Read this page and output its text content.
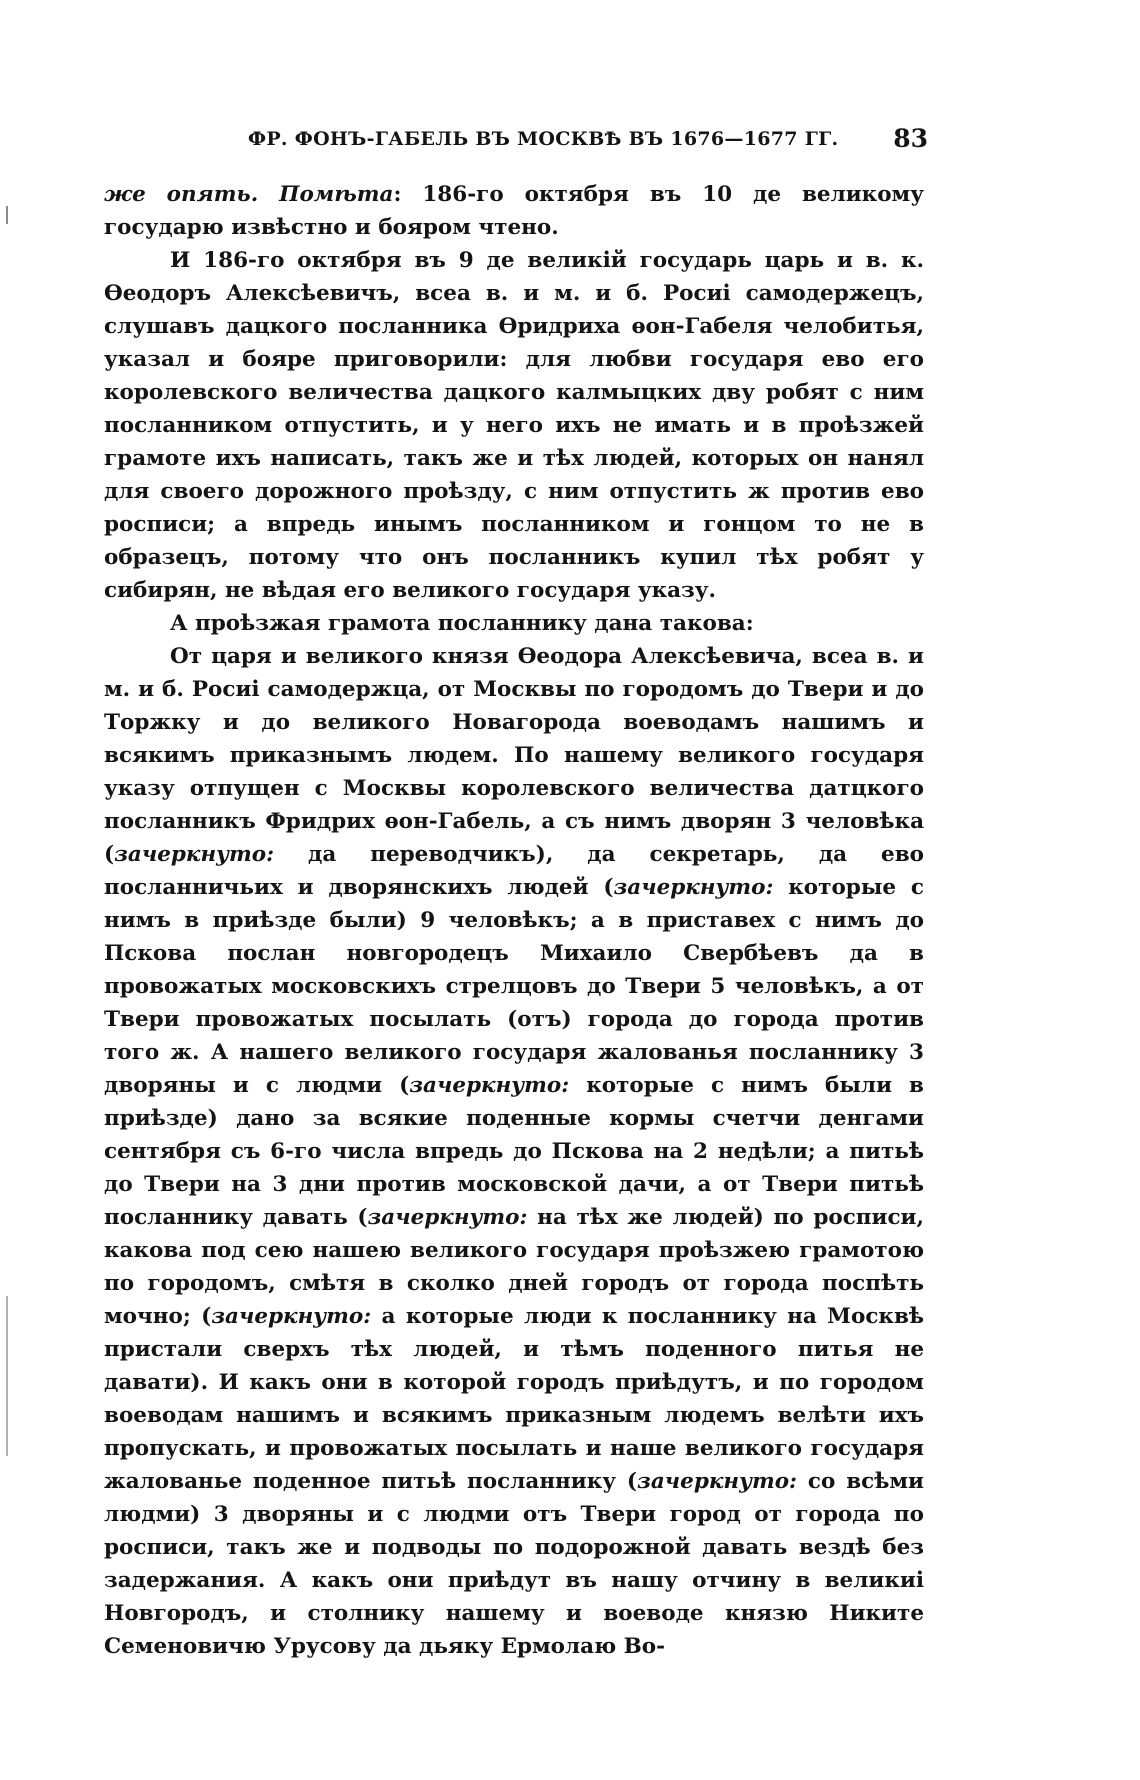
ФР. ФОНЪ-ГАБЕЛЬ ВЪ МОСКВѢ ВЪ 1676—1677 ГГ. 83

же опять. Помѣта: 186-го октября въ 10 де великому государю извѣстно и бояром чтено.

И 186-го октября въ 9 де великій государь царь и в. к. Ѳеодоръ Алексѣевичъ, всеа в. и м. и б. Росиі самодержецъ, слушавъ дацкого посланника Ѳридриха ѳон-Габеля челобитья, указал и бояре приговорили: для любви государя ево его королевского величества дацкого калмыцких дву робят с ним посланником отпустить, и у него ихъ не имать и в проѣзжей грамоте ихъ написать, такъ же и тѣх людей, которых он нанял для своего дорожного проѣзду, с ним отпустить ж против ево росписи; а впредь инымъ посланником и гонцом то не в образецъ, потому что онъ посланникъ купил тѣх робят у сибирян, не вѣдая его великого государя указу.

А проѣзжая грамота посланнику дана такова:

От царя и великого князя Ѳеодора Алексѣевича, всеа в. и м. и б. Росиі самодержца, от Москвы по городомъ до Твери и до Торжку и до великого Новагорода воеводамъ нашимъ и всякимъ приказнымъ людем. По нашему великого государя указу отпущен с Москвы королевского величества датцкого посланникъ Фридрих ѳон-Габель, а съ нимъ дворян 3 человѣка (зачеркнуто: да переводчикъ), да секретарь, да ево посланничьих и дворянскихъ людей (зачеркнуто: которые с нимъ в приѣзде были) 9 человѣкъ; а в приставех с нимъ до Пскова послан новгородецъ Михаило Свербѣевъ да в провожатых московскихъ стрелцовъ до Твери 5 человѣкъ, а от Твери провожатых посылать (отъ) города до города против того ж. А нашего великого государя жалованья посланнику 3 дворяны и с людми (зачеркнуто: которые с нимъ были в приѣзде) дано за всякие поденные кормы счетчи денгами сентября съ 6-го числа впредь до Пскова на 2 недѣли; а питьѣ до Твери на 3 дни против московской дачи, а от Твери питьѣ посланнику давать (зачеркнуто: на тѣх же людей) по росписи, какова под сею нашею великого государя проѣзжею грамотою по городомъ, смѣтя в сколко дней городъ от города поспѣть мочно; (зачеркнуто: а которые люди к посланнику на Москвѣ пристали сверхъ тѣх людей, и тѣмъ поденного питья не давати). И какъ они в которой городъ приѣдутъ, и по городом воеводам нашимъ и всякимъ приказным людемъ велѣти ихъ пропускать, и провожатых посылать и наше великого государя жалованье поденное питьѣ посланнику (зачеркнуто: со всѣми людми) 3 дворяны и с людми отъ Твери город от города по росписи, такъ же и подводы по подорожной давать вездѣ без задержания. А какъ они приѣдут въ нашу отчину в великиі Новгородъ, и столнику нашему и воеводе князю Никите Семеновичю Урусову да дьяку Ермолаю Во-
